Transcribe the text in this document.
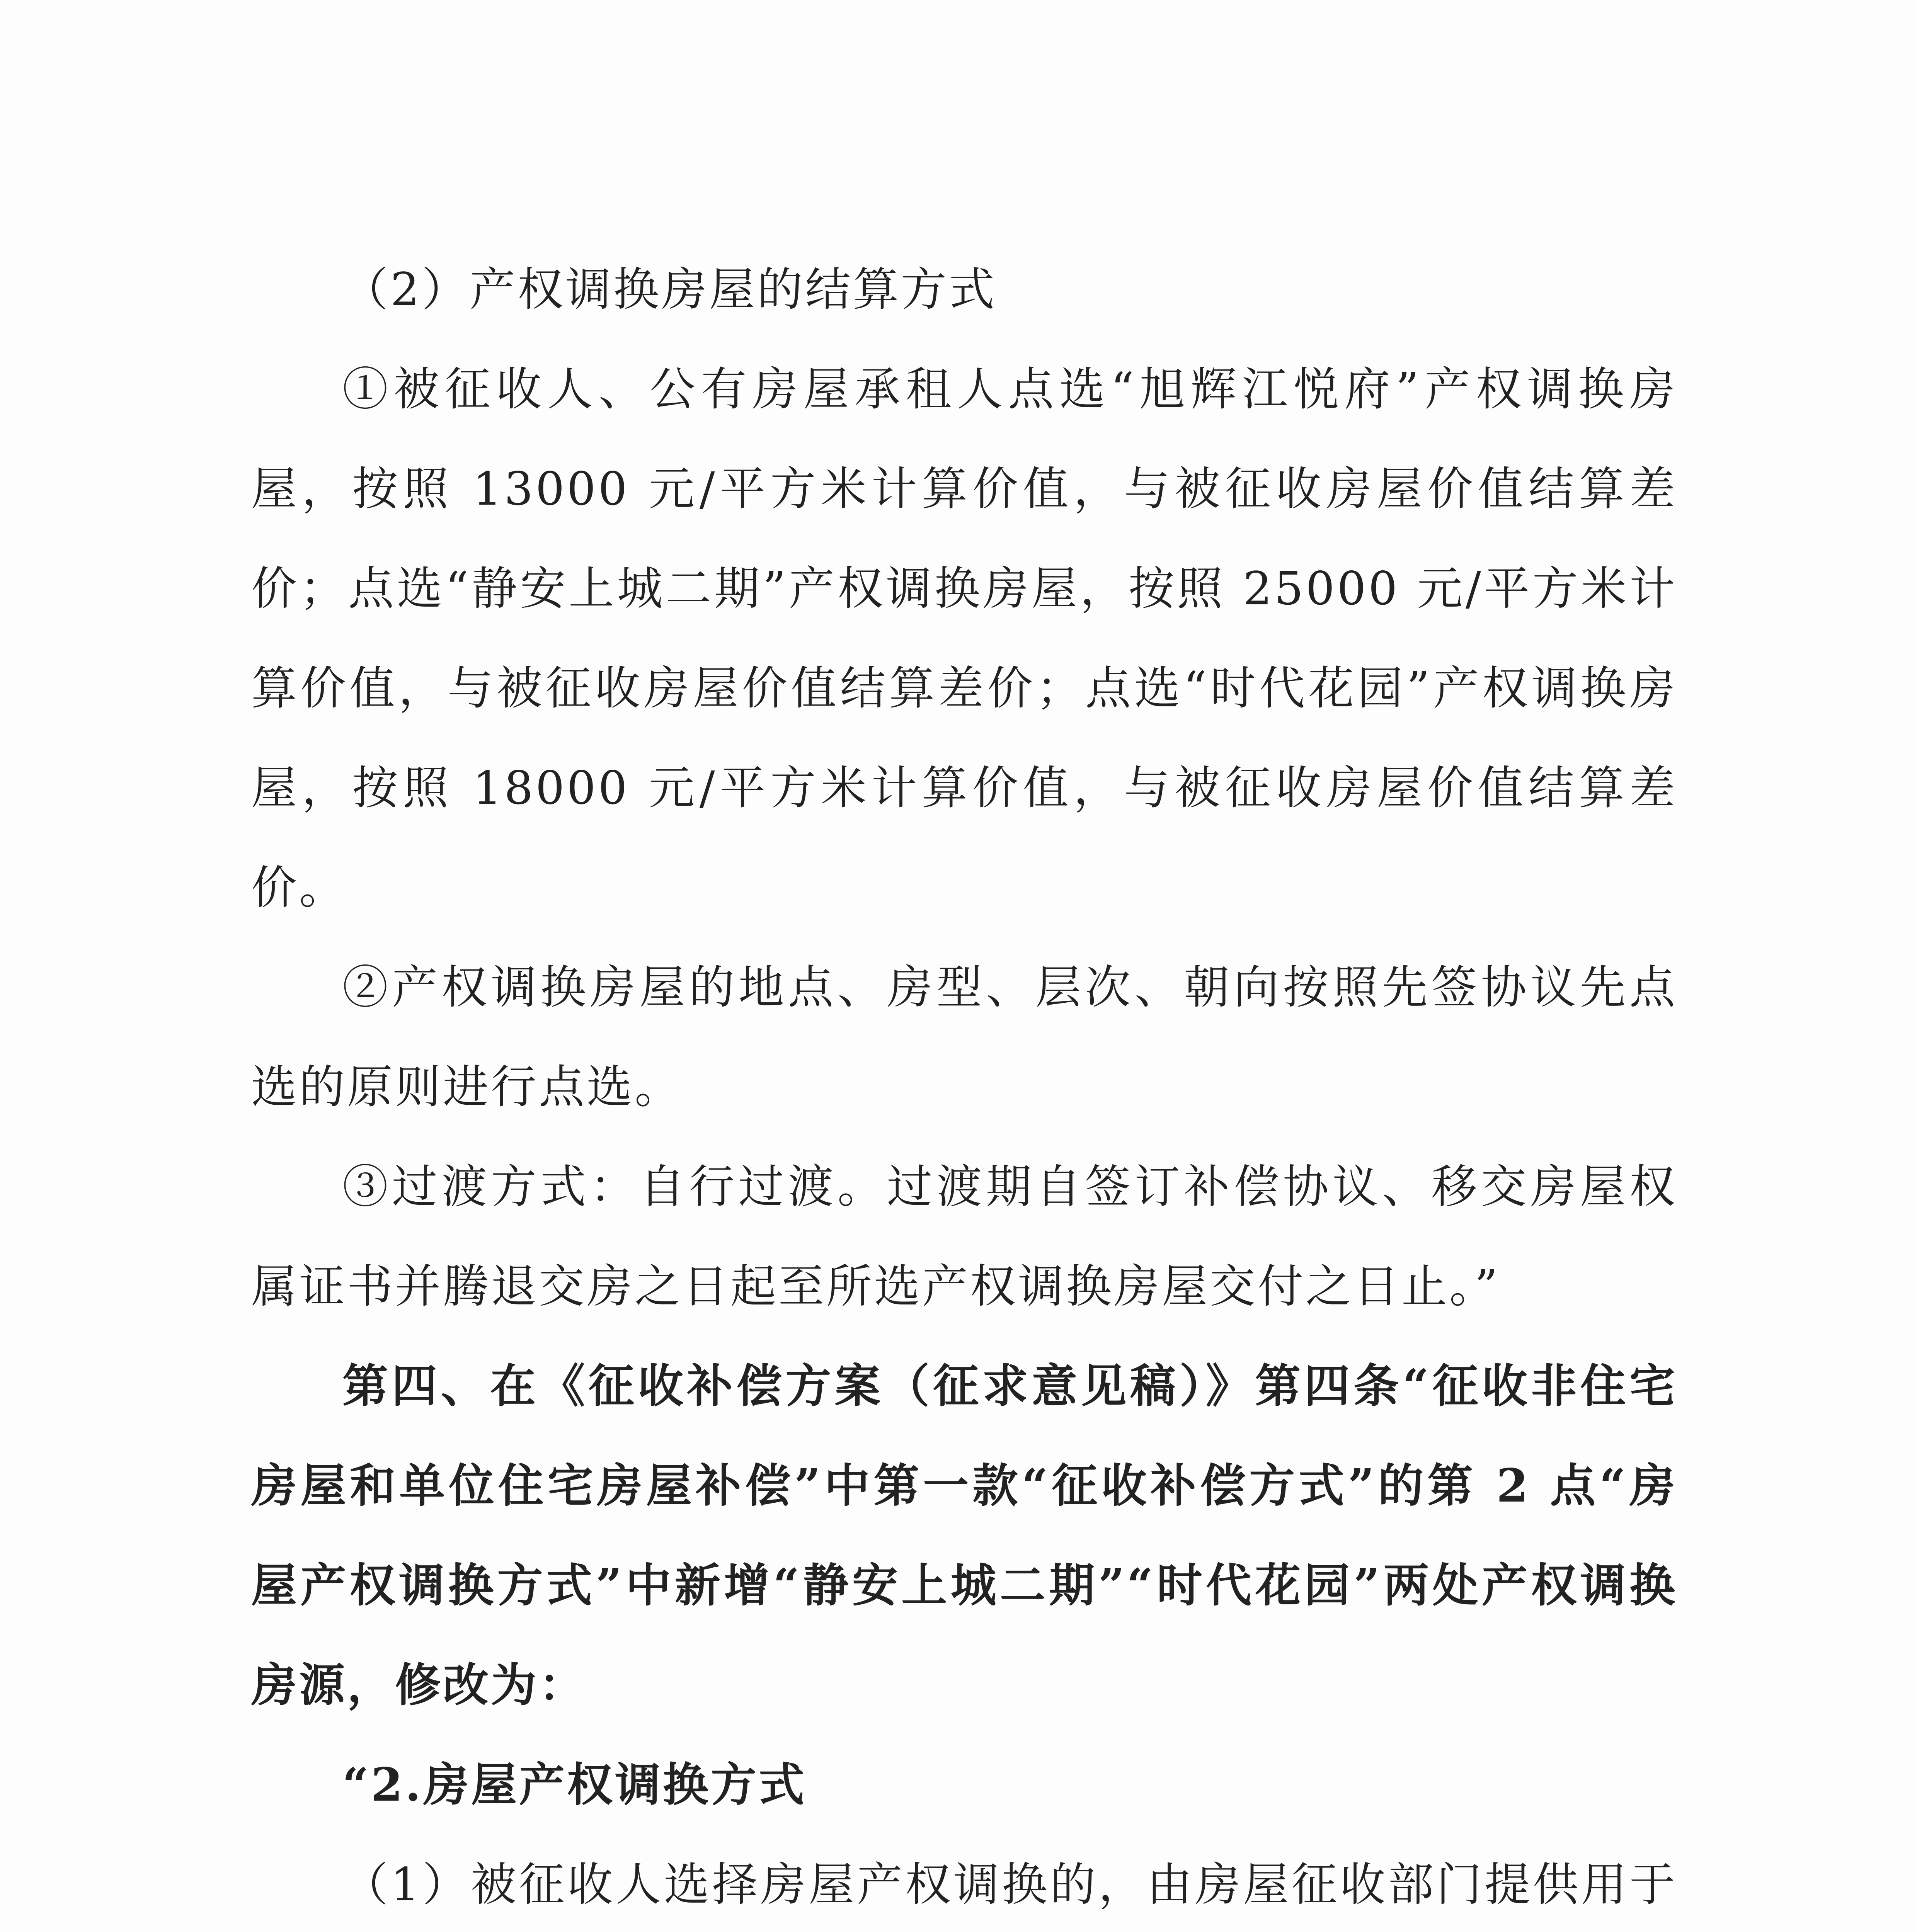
（2）产权调换房屋的结算方式

①被征收人、公有房屋承租人点选“旭辉江悦府”产权调换房屋，按照 13000 元/平方米计算价值，与被征收房屋价值结算差价；点选“静安上城二期”产权调换房屋，按照 25000 元/平方米计算价值，与被征收房屋价值结算差价；点选“时代花园”产权调换房屋，按照 18000 元/平方米计算价值，与被征收房屋价值结算差价。

②产权调换房屋的地点、房型、层次、朝向按照先签协议先点选的原则进行点选。

③过渡方式：自行过渡。过渡期自签订补偿协议、移交房屋权属证书并腾退交房之日起至所选产权调换房屋交付之日止。”

第四、在《征收补偿方案（征求意见稿）》第四条“征收非住宅房屋和单位住宅房屋补偿”中第一款“征收补偿方式”的第 2 点“房屋产权调换方式”中新增“静安上城二期”“时代花园”两处产权调换房源，修改为：

“2.房屋产权调换方式

（1）被征收人选择房屋产权调换的，由房屋征收部门提供用于
